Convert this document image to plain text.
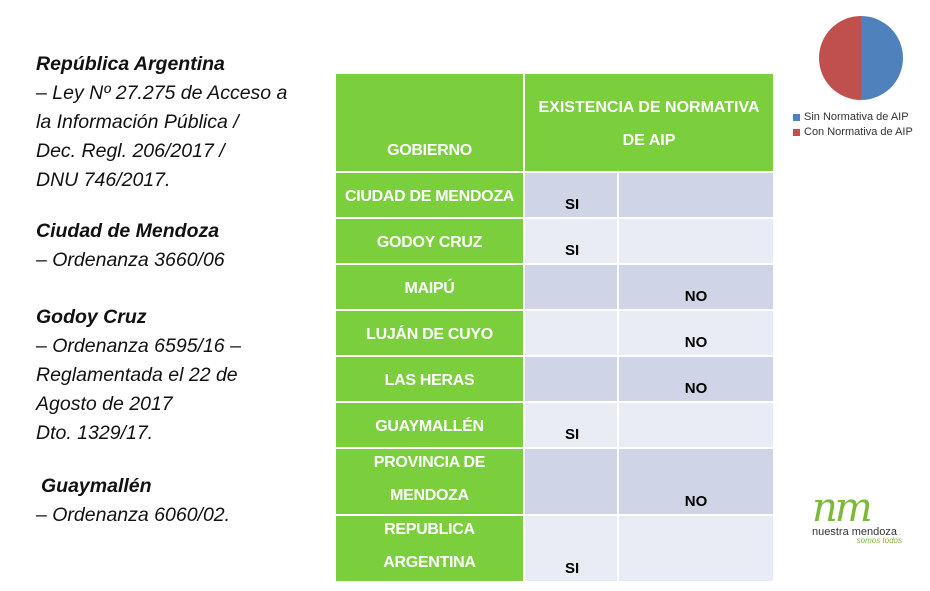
República Argentina
– Ley Nº 27.275 de Acceso a
la Información Pública /
Dec. Regl. 206/2017 /
DNU 746/2017.
Ciudad de Mendoza
– Ordenanza 3660/06
Godoy Cruz
– Ordenanza 6595/16 –
Reglamentada el 22 de
Agosto de 2017
Dto. 1329/17.
Guaymallén
– Ordenanza 6060/02.
GOBIERNO
EXISTENCIA DE NORMATIVA
DE AIP
CIUDAD DE MENDOZA	SI
GODOY CRUZ	SI
MAIPÚ	NO
LUJÁN DE CUYO	NO
LAS HERAS	NO
GUAYMALLÉN	SI
PROVINCIA DE
MENDOZA	NO
REPUBLICA
ARGENTINA	SI
Sin Normativa de AIP
Con Normativa de AIP
nm
nuestra mendoza
somos todos
